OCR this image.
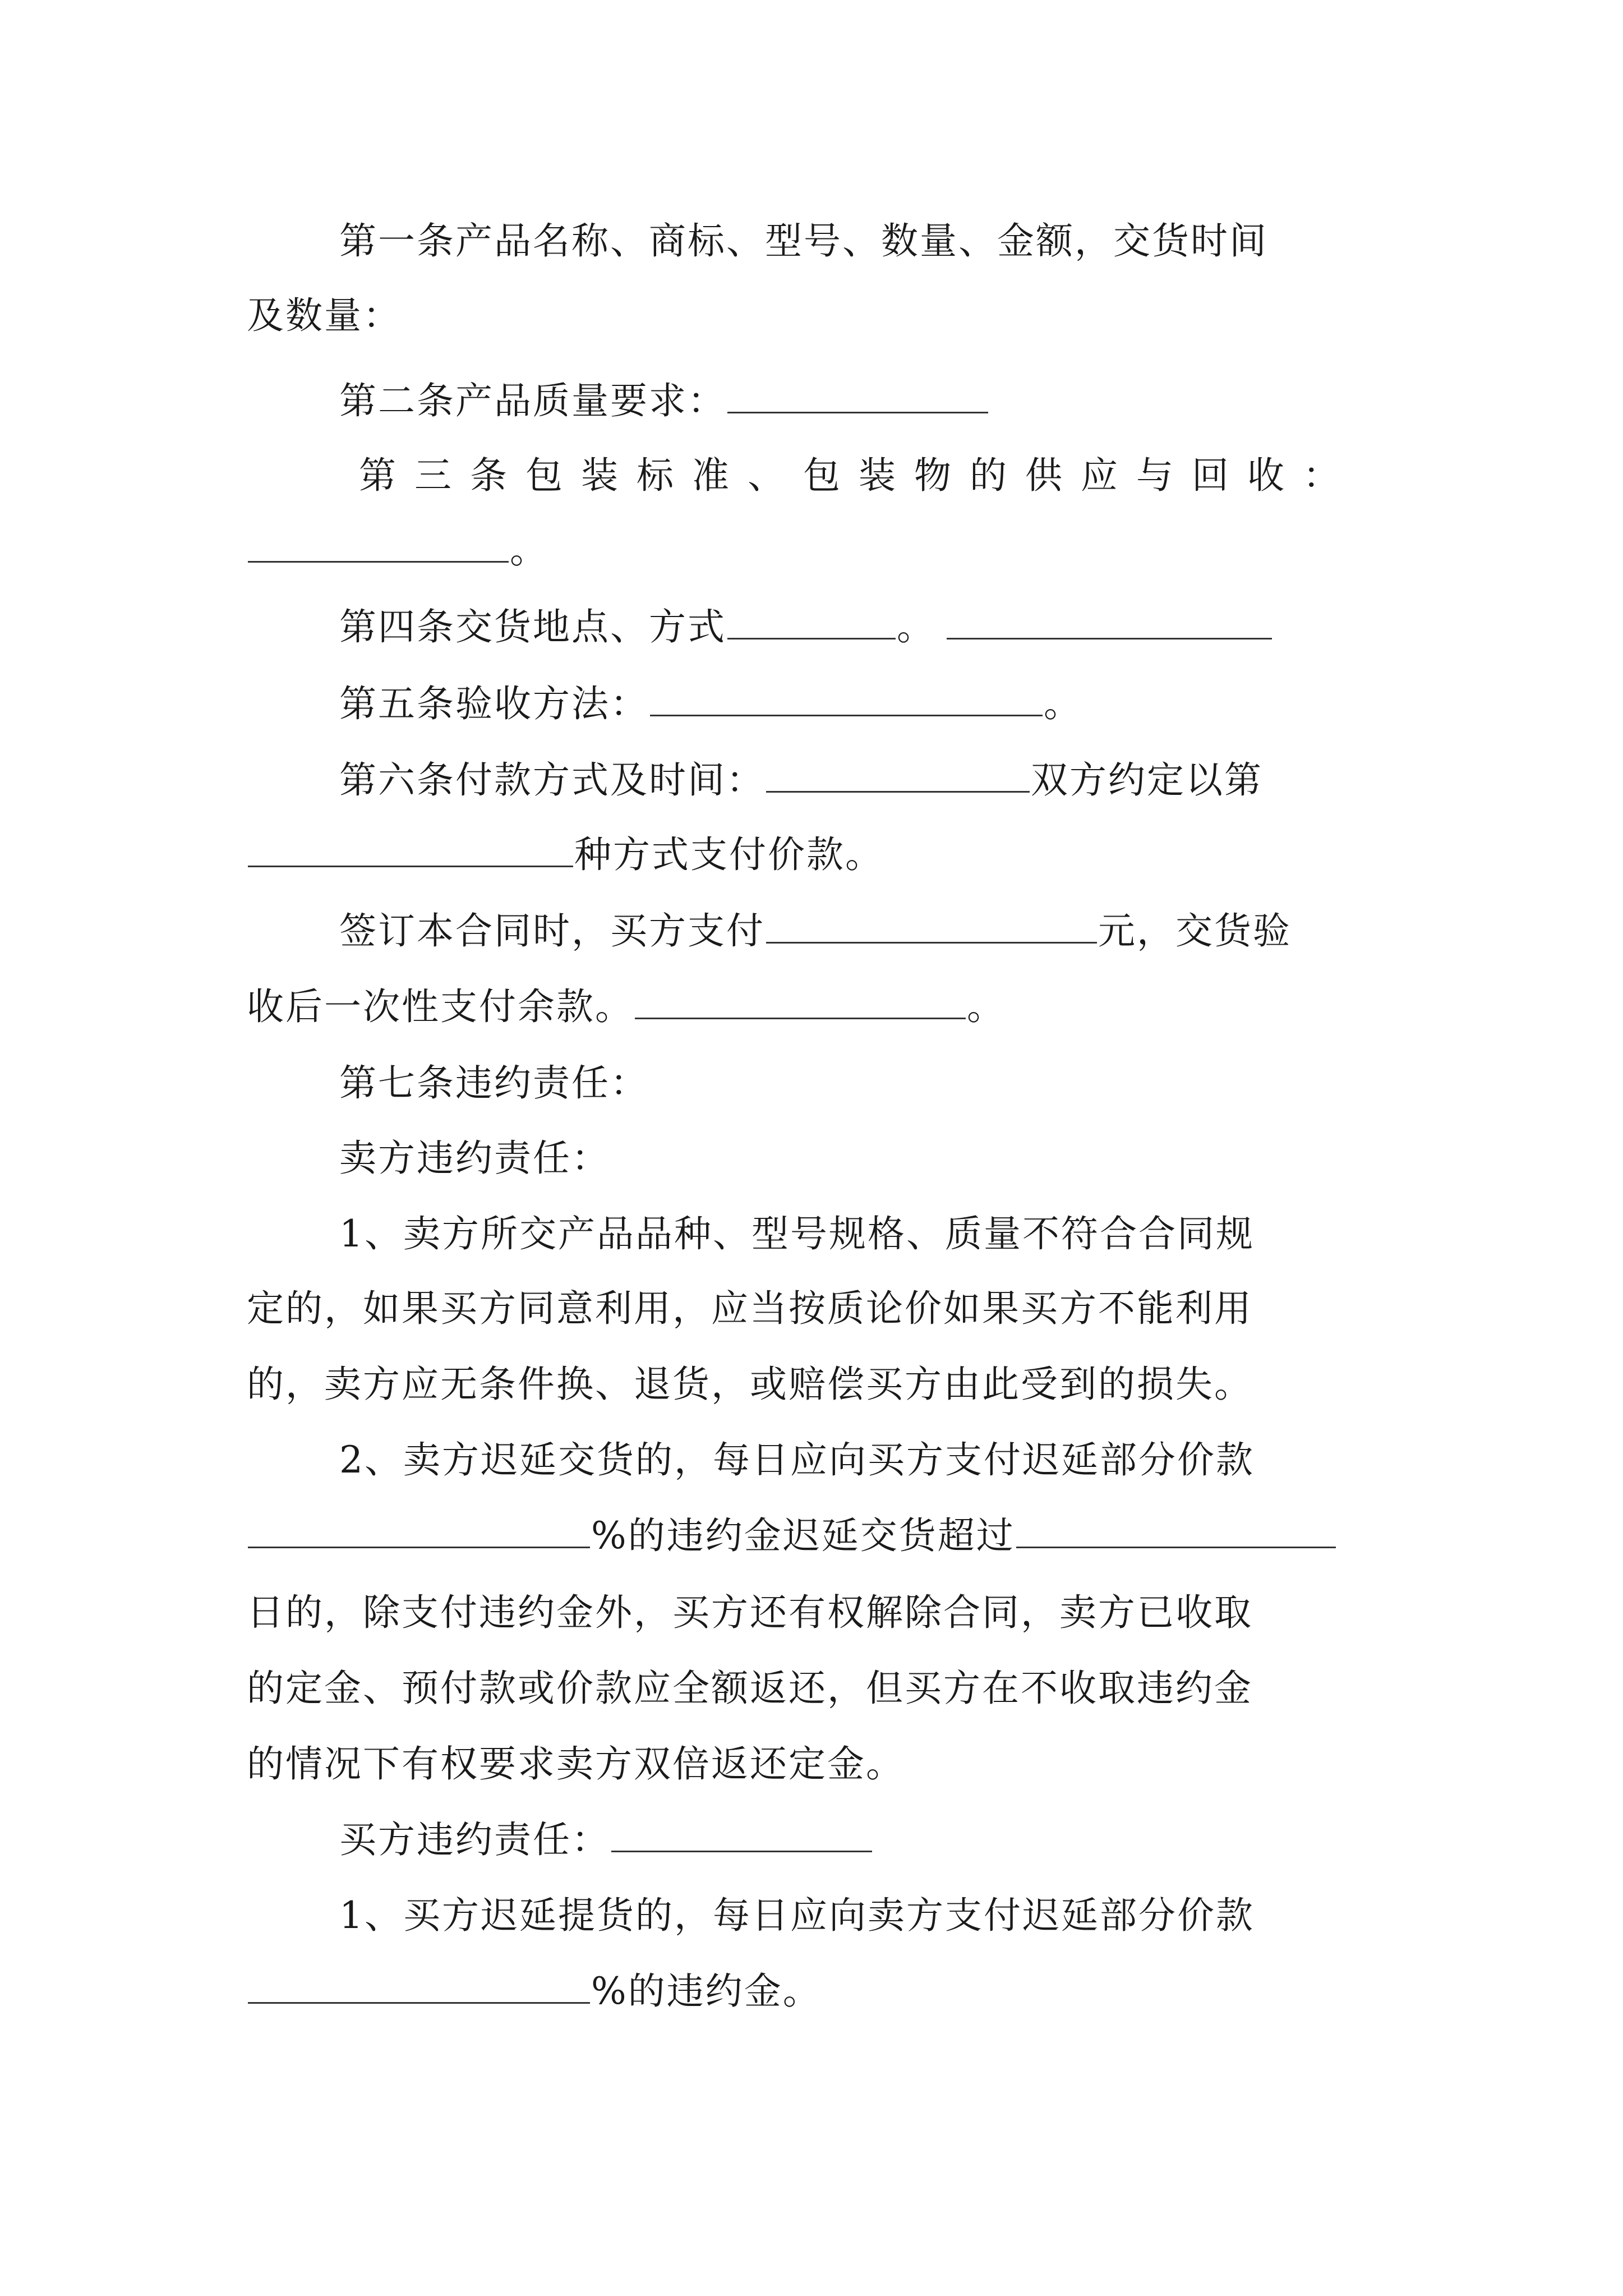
第一条产品名称、商标、型号、数量、金额，交货时间
及数量：
第二条产品质量要求：
第三条包装标准、包装物的供应与回收：
。
第四条交货地点、方式	。
第五条验收方法：	。
第六条付款方式及时间：	双方约定以第
种方式支付价款。
签订本合同时，买方支付	元，交货验
收后一次性支付余款。	。
第七条违约责任：
卖方违约责任：
1、卖方所交产品品种、型号规格、质量不符合合同规
定的，如果买方同意利用，应当按质论价如果买方不能利用
的，卖方应无条件换、退货，或赔偿买方由此受到的损失。
2、卖方迟延交货的，每日应向买方支付迟延部分价款
%的违约金迟延交货超过
日的，除支付违约金外，买方还有权解除合同，卖方已收取
的定金、预付款或价款应全额返还，但买方在不收取违约金
的情况下有权要求卖方双倍返还定金。
买方违约责任：
1、买方迟延提货的，每日应向卖方支付迟延部分价款
%的违约金。
